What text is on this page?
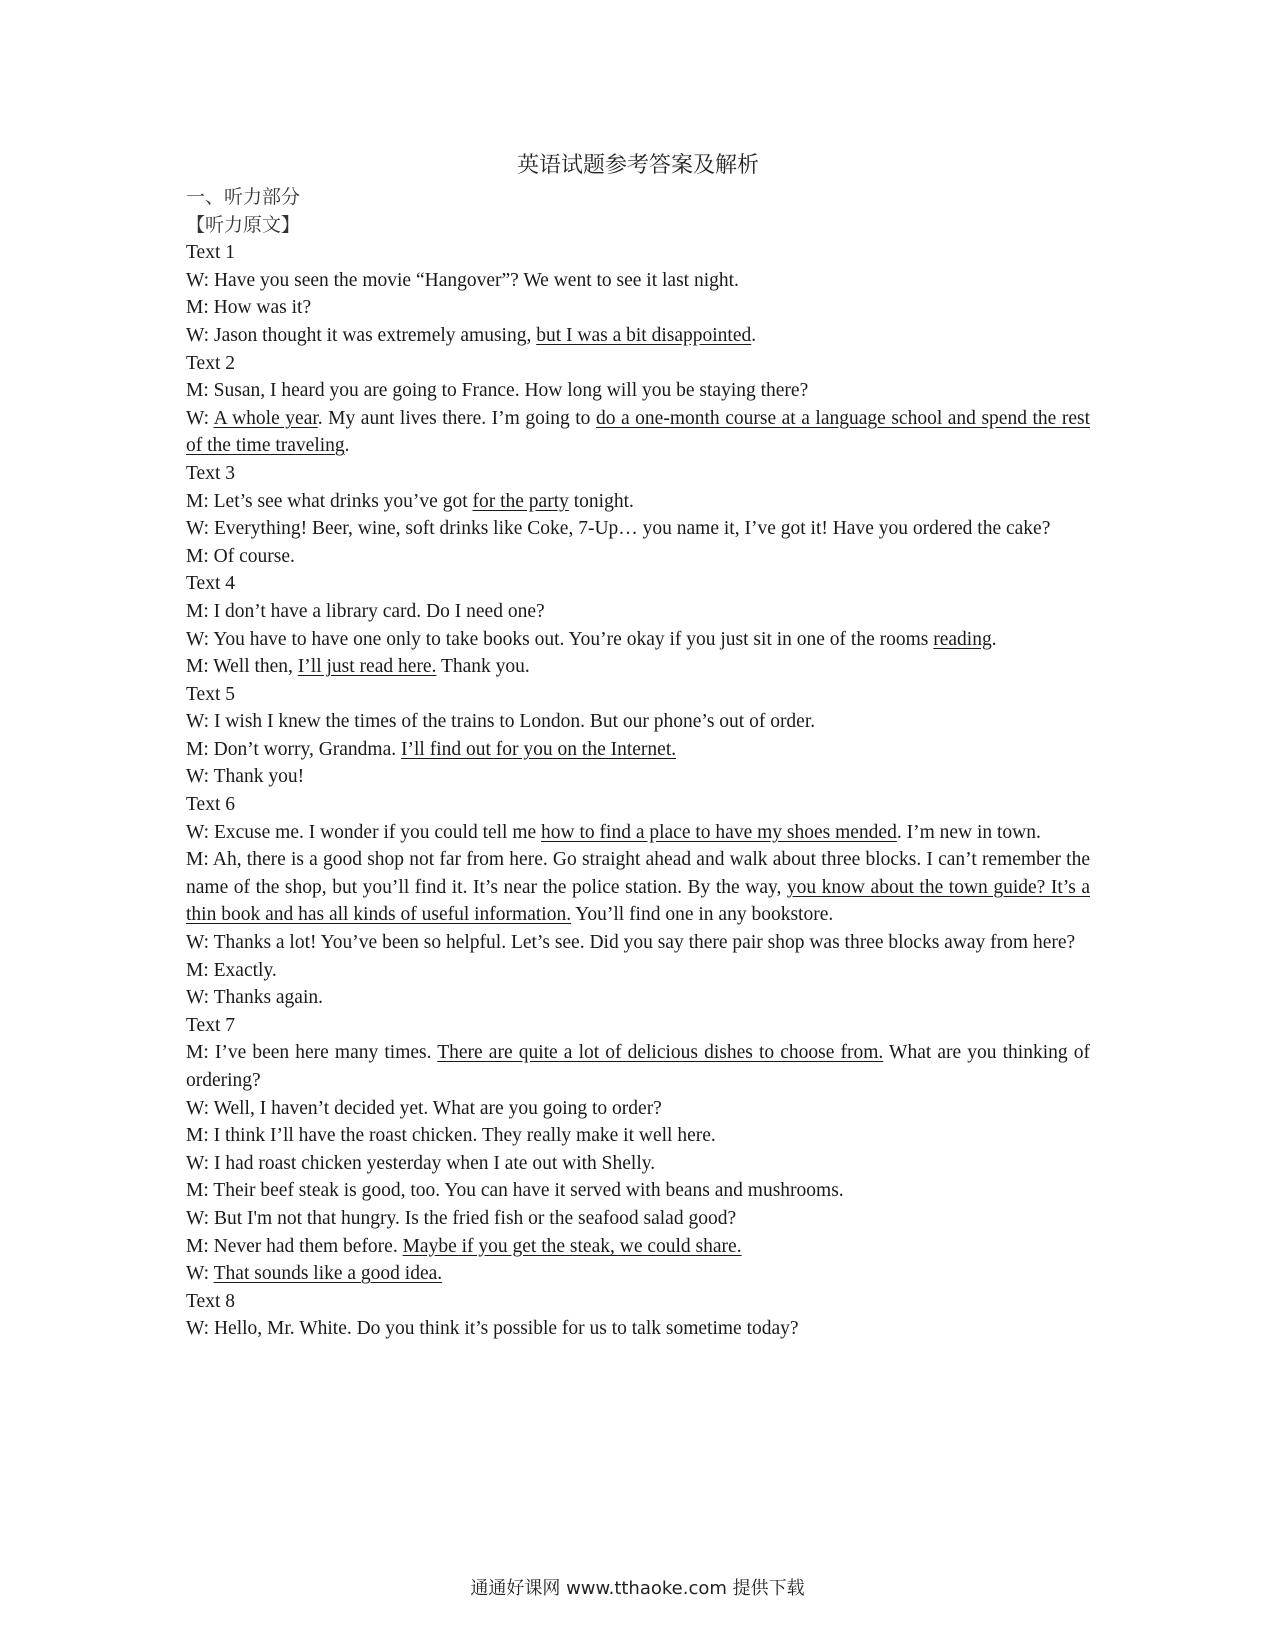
英语试题参考答案及解析
一、听力部分
【听力原文】
Text 1
W: Have you seen the movie “Hangover”? We went to see it last night.
M: How was it?
W: Jason thought it was extremely amusing, but I was a bit disappointed.
Text 2
M: Susan, I heard you are going to France. How long will you be staying there?
W: A whole year. My aunt lives there. I’m going to do a one-month course at a language school and spend the rest of the time traveling.
Text 3
M: Let’s see what drinks you’ve got for the party tonight.
W: Everything! Beer, wine, soft drinks like Coke, 7-Up… you name it, I’ve got it! Have you ordered the cake?
M: Of course.
Text 4
M: I don’t have a library card. Do I need one?
W: You have to have one only to take books out. You’re okay if you just sit in one of the rooms reading.
M: Well then, I’ll just read here. Thank you.
Text 5
W: I wish I knew the times of the trains to London. But our phone’s out of order.
M: Don’t worry, Grandma. I’ll find out for you on the Internet.
W: Thank you!
Text 6
W: Excuse me. I wonder if you could tell me how to find a place to have my shoes mended. I’m new in town.
M: Ah, there is a good shop not far from here. Go straight ahead and walk about three blocks. I can’t remember the name of the shop, but you’ll find it. It’s near the police station. By the way, you know about the town guide? It’s a thin book and has all kinds of useful information. You’ll find one in any bookstore.
W: Thanks a lot! You’ve been so helpful. Let’s see. Did you say there pair shop was three blocks away from here?
M: Exactly.
W: Thanks again.
Text 7
M: I’ve been here many times. There are quite a lot of delicious dishes to choose from. What are you thinking of ordering?
W: Well, I haven’t decided yet. What are you going to order?
M: I think I’ll have the roast chicken. They really make it well here.
W: I had roast chicken yesterday when I ate out with Shelly.
M: Their beef steak is good, too. You can have it served with beans and mushrooms.
W: But I'm not that hungry. Is the fried fish or the seafood salad good?
M: Never had them before. Maybe if you get the steak, we could share.
W: That sounds like a good idea.
Text 8
W: Hello, Mr. White. Do you think it’s possible for us to talk sometime today?
通通好课网 www.tthaoke.com 提供下载
